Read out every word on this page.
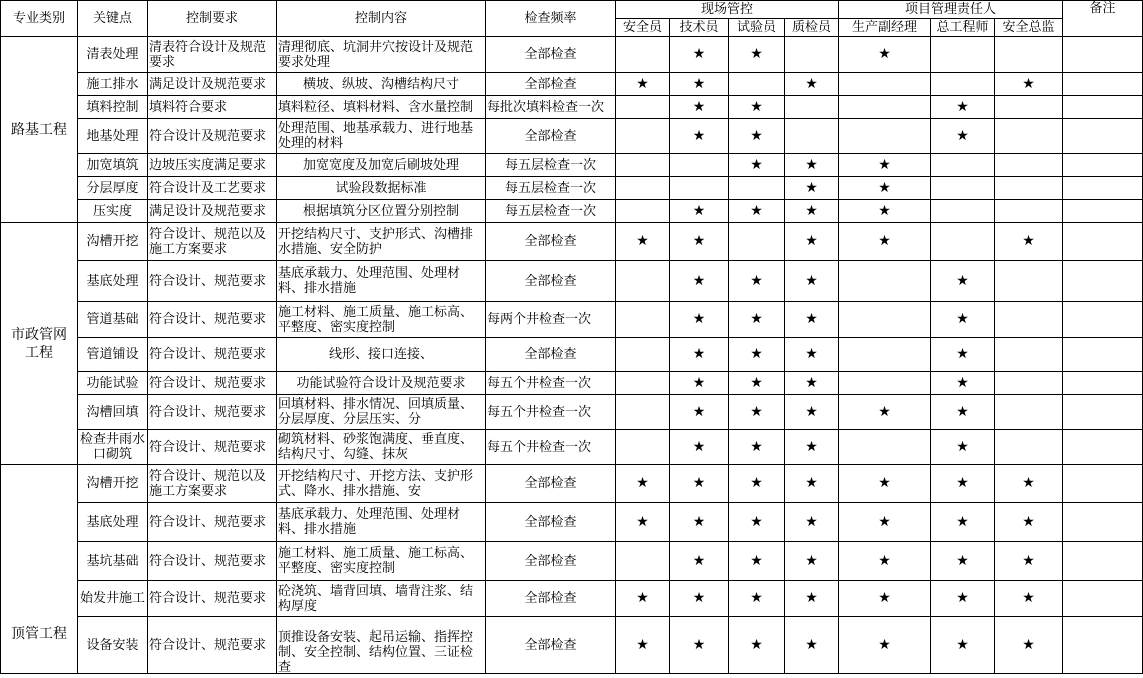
专业类别	关键点	控制要求	控制内容	检查频率	现场管控				项目管理责任人			备注
					安全员	技术员	试验员	质检员	生产副经理	总工程师	安全总监	
路基工程	清表处理	清表符合设计及规范要求	清理彻底、坑洞井穴按设计及规范要求处理	全部检查		★	★		★			

	施工排水	满足设计及规范要求	横坡、纵坡、沟槽结构尺寸	全部检查	★	★		★			★	

	填料控制	填料符合要求	填料粒径、填料材料、含水量控制	每批次填料检查一次		★	★			★		

	地基处理	符合设计及规范要求	处理范围、地基承载力、进行地基处理的材料	全部检查		★	★			★		

	加宽填筑	边坡压实度满足要求	加宽宽度及加宽后刷坡处理	每五层检查一次			★	★	★			

	分层厚度	符合设计及工艺要求	试验段数据标准	每五层检查一次				★	★			

	压实度	满足设计及规范要求	根据填筑分区位置分别控制	每五层检查一次		★	★	★	★			
市政管网工程	沟槽开挖	符合设计、规范以及施工方案要求	开挖结构尺寸、支护形式、沟槽排水措施、安全防护	全部检查	★	★		★	★		★	

	基底处理	符合设计、规范要求	基底承载力、处理范围、处理材料、排水措施	全部检查		★	★	★		★		

	管道基础	符合设计、规范要求	施工材料、施工质量、施工标高、平整度、密实度控制	每两个井检查一次		★	★	★		★		

	管道铺设	符合设计、规范要求	线形、接口连接、	全部检查		★	★	★		★		

	功能试验	符合设计、规范要求	功能试验符合设计及规范要求	每五个井检查一次		★	★	★		★		

	沟槽回填	符合设计、规范要求	回填材料、排水情况、回填质量、分层厚度、分层压实、分	每五个井检查一次		★	★	★	★	★		

	检查井雨水口砌筑	符合设计、规范要求	砌筑材料、砂浆饱满度、垂直度、结构尺寸、勾缝、抹灰	每五个井检查一次		★	★	★		★		
顶管工程	沟槽开挖	符合设计、规范以及施工方案要求	开挖结构尺寸、开挖方法、支护形式、降水、排水措施、安	全部检查	★	★	★	★	★	★	★	

	基底处理	符合设计、规范要求	基底承载力、处理范围、处理材料、排水措施	全部检查	★	★	★	★	★	★	★	

	基坑基础	符合设计、规范要求	施工材料、施工质量、施工标高、平整度、密实度控制	全部检查		★	★	★	★	★	★	

	始发井施工	符合设计、规范要求	砼浇筑、墙背回填、墙背注浆、结构厚度	全部检查	★	★	★	★	★	★	★	

	设备安装	符合设计、规范要求	顶推设备安装、起吊运输、指挥控制、安全控制、结构位置、三证检查	全部检查	★	★	★	★	★	★	★	
